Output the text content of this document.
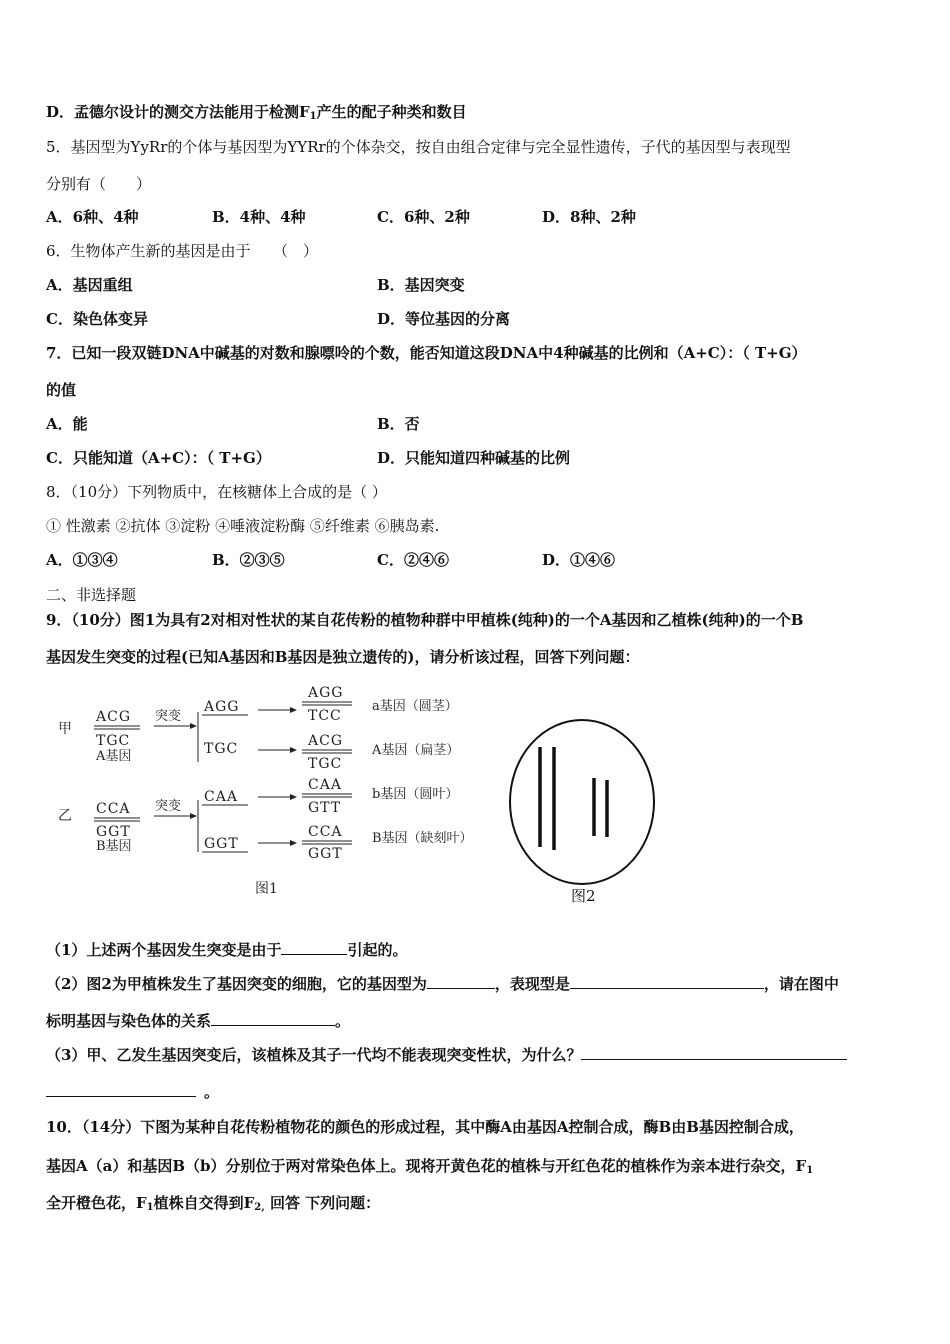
D．孟德尔设计的测交方法能用于检测$F_1$产生的配子种类和数目
5．基因型为YyRr的个体与基因型为YYRr的个体杂交，按自由组合定律与完全显性遗传，子代的基因型与表现型
分别有（　　）
A．6种、4种	B．4种、4种	C．6种、2种	D．8种、2种
6．生物体产生新的基因是由于　　（　）
A．基因重组	B．基因突变
C．染色体变异	D．等位基因的分离
7．已知一段双链DNA中碱基的对数和腺嘌呤的个数，能否知道这段DNA中4种碱基的比例和（A+C）：（ T+G）
的值
A．能	B．否
C．只能知道（A+C）：（ T+G）	D．只能知道四种碱基的比例
8．（10分）下列物质中，在核糖体上合成的是（ ）
① 性激素 ②抗体 ③淀粉 ④唾液淀粉酶 ⑤纤维素 ⑥胰岛素.
A．①③④	B．②③⑤	C．②④⑥	D．①④⑥
二、非选择题
9．（10分）图1为具有2对相对性状的某自花传粉的植物种群中甲植株(纯种)的一个A基因和乙植株(纯种)的一个B
基因发生突变的过程(已知A基因和B基因是独立遗传的)，请分析该过程，回答下列问题：
甲
乙
ACG
TGC
A基因
突变
CCA
GGT
B基因
突变
AGG
AGG
TCC
a基因（圆茎）
TGC	ACG
TGC
A基因（扁茎）
CAA
CAA
GTT
b基因（圆叶）
GGT
CCA
GGT
B基因（缺刻叶）
图1	图2
（1）上述两个基因发生突变是由于	引起的。
（2）图2为甲植株发生了基因突变的细胞，它的基因型为	，表现型是	，请在图中
标明基因与染色体的关系	。
（3）甲、乙发生基因突变后，该植株及其子一代均不能表现突变性状，为什么？
。
10．（14分）下图为某种自花传粉植物花的颜色的形成过程，其中酶A由基因A控制合成，酶B由B基因控制合成，
基因A（a）和基因B（b）分别位于两对常染色体上。现将开黄色花的植株与开红色花的植株作为亲本进行杂交，$F_1$
全开橙色花，$F_1$植株自交得到$F_{2,}$ 回答 下列问题：
